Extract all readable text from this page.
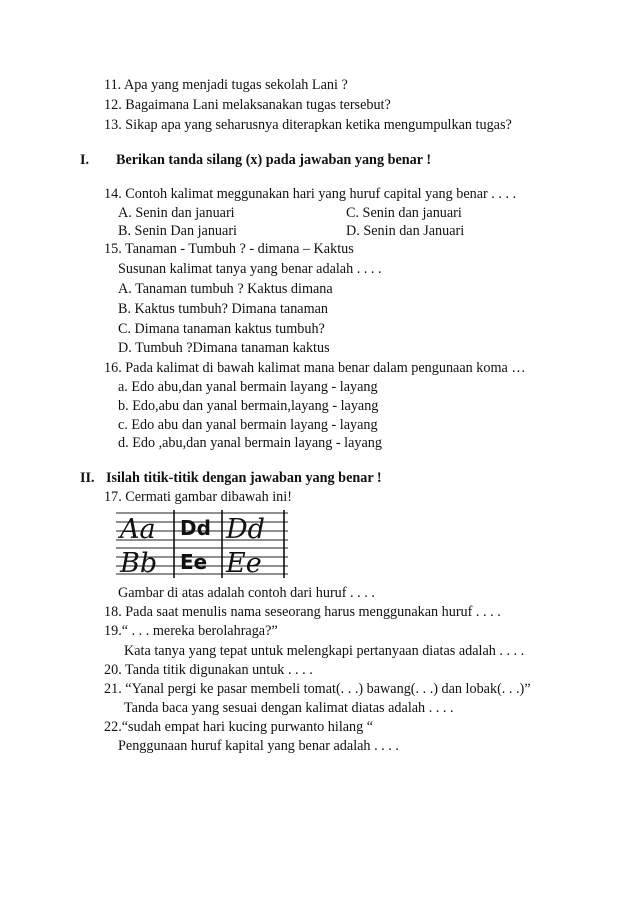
11. Apa yang menjadi tugas sekolah Lani ?
12. Bagaimana Lani melaksanakan tugas tersebut?
13. Sikap apa yang seharusnya diterapkan ketika mengumpulkan tugas?
I. Berikan tanda silang (x) pada jawaban yang benar !
14. Contoh kalimat meggunakan hari yang huruf capital yang benar . . . .
A. Senin dan januari	C. Senin dan januari
B. Senin Dan januari	D. Senin dan Januari
15. Tanaman - Tumbuh ? - dimana – Kaktus
Susunan kalimat tanya yang benar adalah . . . .
A. Tanaman tumbuh ? Kaktus dimana
B. Kaktus tumbuh? Dimana tanaman
C. Dimana tanaman kaktus tumbuh?
D. Tumbuh ?Dimana tanaman kaktus
16. Pada kalimat di bawah kalimat mana benar dalam pengunaan koma …
a. Edo abu,dan yanal bermain layang - layang
b. Edo,abu dan yanal bermain,layang - layang
c. Edo abu dan yanal bermain layang - layang
d. Edo ,abu,dan yanal bermain layang - layang
II. Isilah titik-titik dengan jawaban yang benar !
17. Cermati gambar dibawah ini!
Aa Dd Dd
Bb Ee Ee
Gambar di atas adalah contoh dari huruf . . . .
18. Pada saat menulis nama seseorang harus menggunakan huruf . . . .
19.“ . . . mereka berolahraga?”
Kata tanya yang tepat untuk melengkapi pertanyaan diatas adalah . . . .
20. Tanda titik digunakan untuk . . . .
21. “Yanal pergi ke pasar membeli tomat(. . .) bawang(. . .) dan lobak(. . .)”
Tanda baca yang sesuai dengan kalimat diatas adalah . . . .
22.“sudah empat hari kucing purwanto hilang “
Penggunaan huruf kapital yang benar adalah . . . .
